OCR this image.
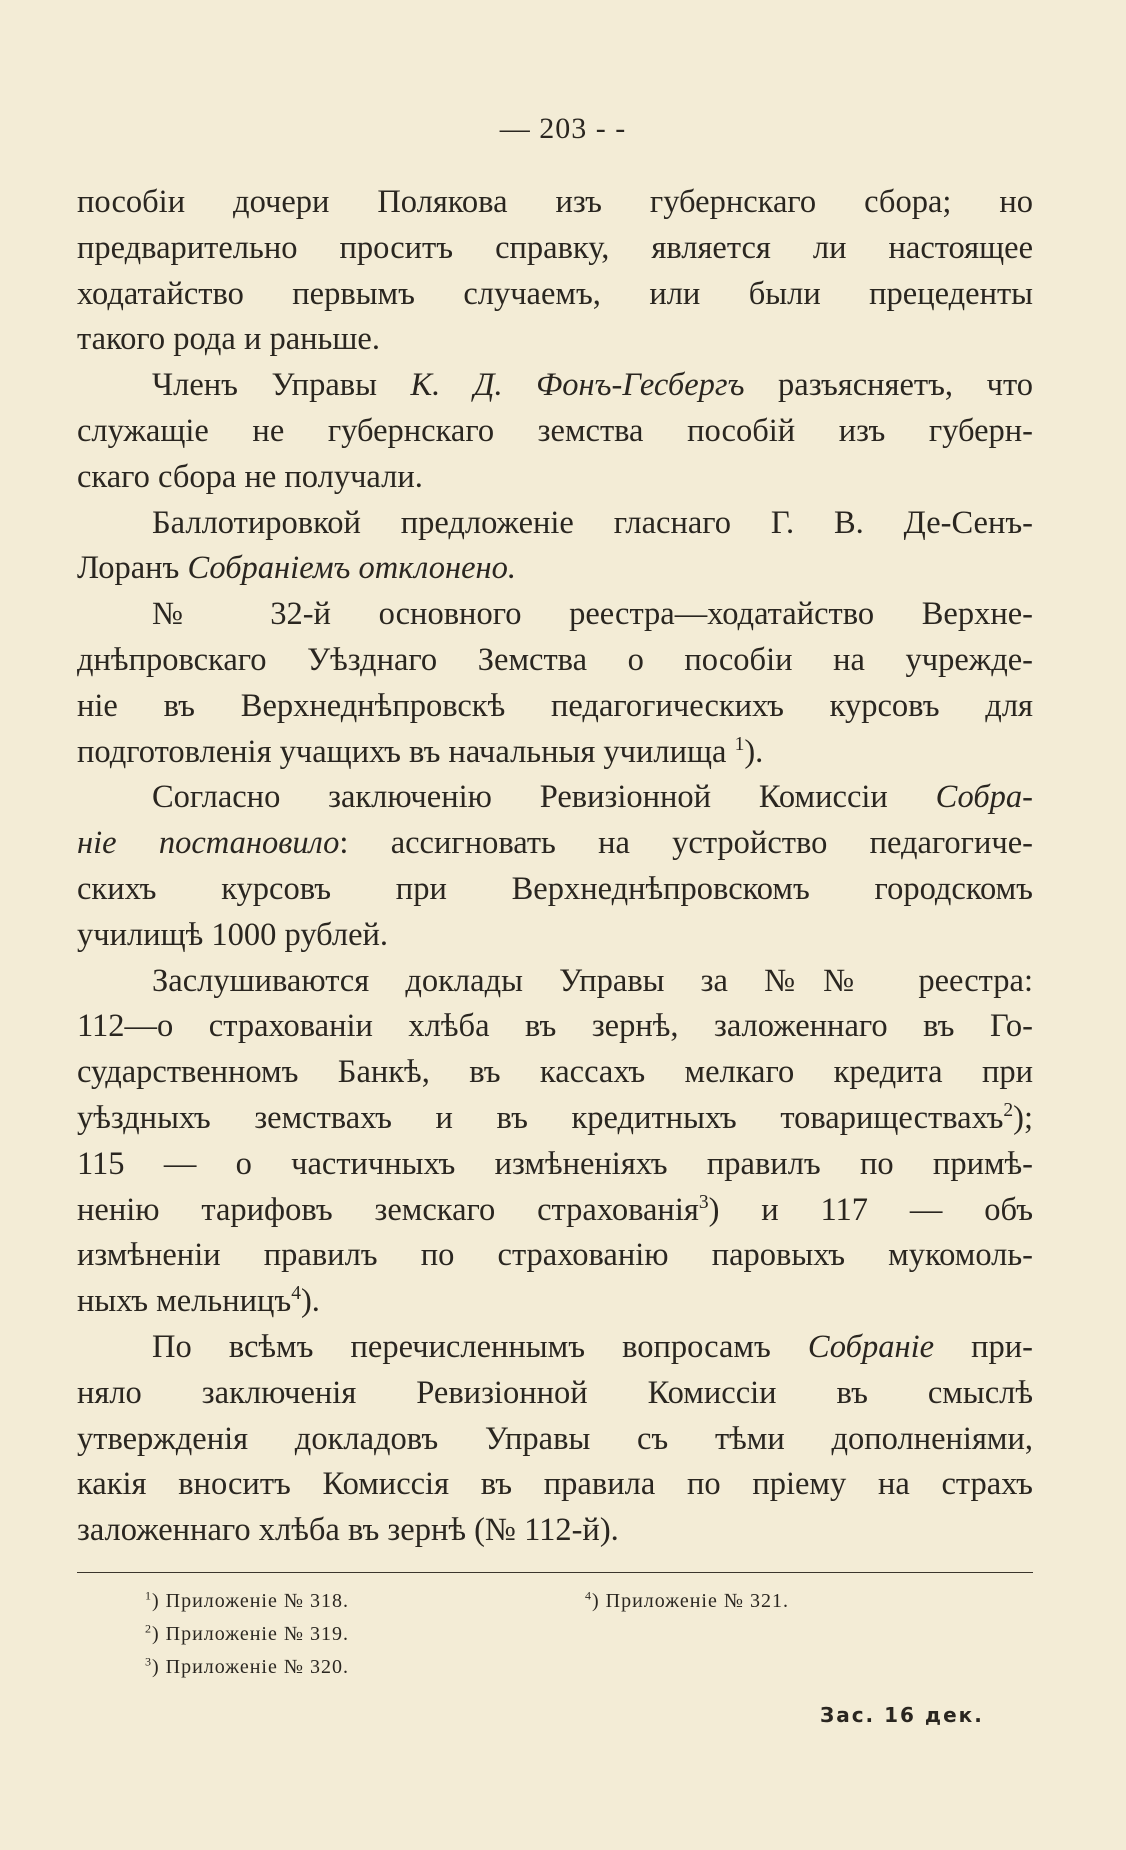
— 203 - -
пособіи дочери Полякова изъ губернскаго сбора; но
предварительно проситъ справку, является ли настоящее
ходатайство первымъ случаемъ, или были прецеденты
такого рода и раньше.
Членъ Управы К. Д. Фонъ-Гесбергъ разъясняетъ, что
служащіе не губернскаго земства пособій изъ губерн-
скаго сбора не получали.
Баллотировкой предложеніе гласнаго Г. В. Де-Сенъ-
Лоранъ Собраніемъ отклонено.
№ 32-й основного реестра—ходатайство Верхне-
днѣпровскаго Уѣзднаго Земства о пособіи на учрежде-
ніе въ Верхнеднѣпровскѣ педагогическихъ курсовъ для
подготовленія учащихъ въ начальныя училища $^1$).
Согласно заключенію Ревизіонной Комиссіи Собра-
ніе постановило: ассигновать на устройство педагогиче-
скихъ курсовъ при Верхнеднѣпровскомъ городскомъ
училищѣ 1000 рублей.
Заслушиваются доклады Управы за №№ реестра:
112—о страхованіи хлѣба въ зернѣ, заложеннаго въ Го-
сударственномъ Банкѣ, въ кассахъ мелкаго кредита при
уѣздныхъ земствахъ и въ кредитныхъ товариществахъ$^2$);
115 — о частичныхъ измѣненіяхъ правилъ по примѣ-
ненію тарифовъ земскаго страхованія$^3$) и 117 — объ
измѣненіи правилъ по страхованію паровыхъ мукомоль-
ныхъ мельницъ$^4$).
По всѣмъ перечисленнымъ вопросамъ Собраніе при-
няло заключенія Ревизіонной Комиссіи въ смыслѣ
утвержденія докладовъ Управы съ тѣми дополненіями,
какія вноситъ Комиссія въ правила по пріему на страхъ
заложеннаго хлѣба въ зернѣ (№ 112-й).
$^1$) Приложеніе № 318.
$^2$) Приложеніе № 319.
$^3$) Приложеніе № 320.
$^4$) Приложеніе № 321.
Зас. 16 дек.
